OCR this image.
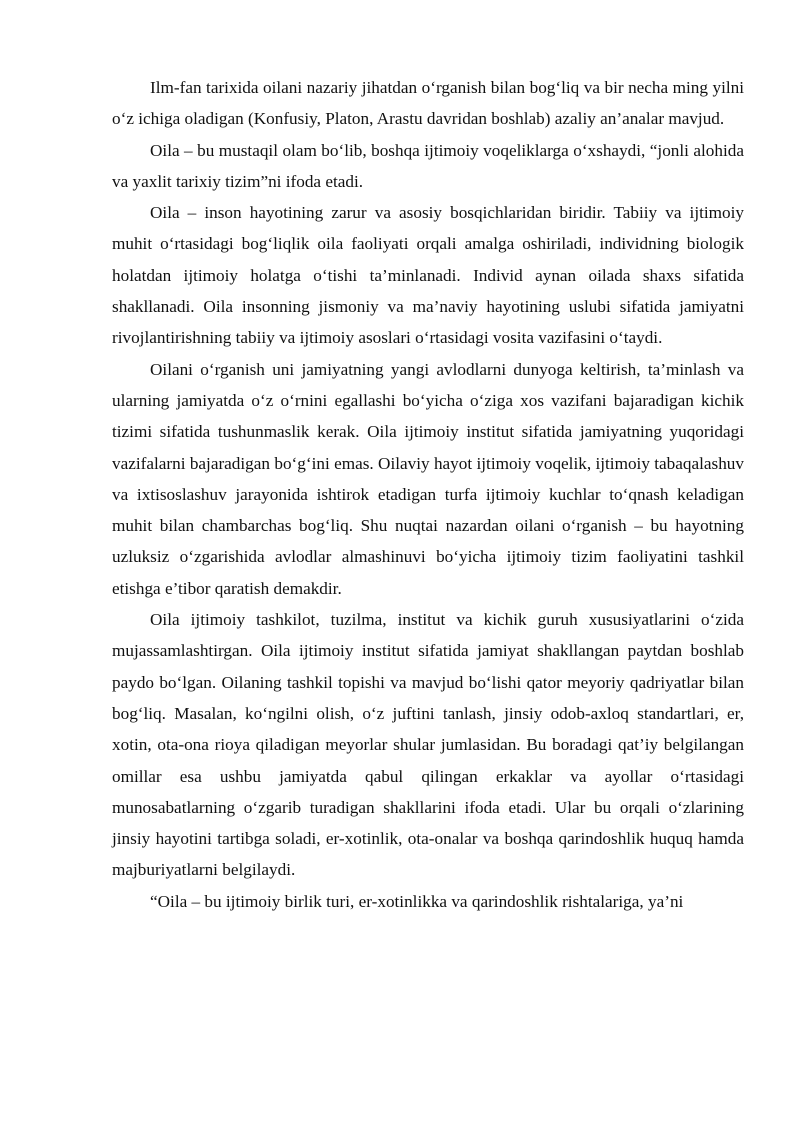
Ilm-fan tarixida oilani nazariy jihatdan o‘rganish bilan bog‘liq va bir necha ming yilni o‘z ichiga oladigan (Konfusiy, Platon, Arastu davridan boshlab) azaliy an’analar mavjud.

Oila – bu mustaqil olam bo‘lib, boshqa ijtimoiy voqeliklarga o‘xshaydi, “jonli alohida va yaxlit tarixiy tizim”ni ifoda etadi.

Oila – inson hayotining zarur va asosiy bosqichlaridan biridir. Tabiiy va ijtimoiy muhit o‘rtasidagi bog‘liqlik oila faoliyati orqali amalga oshiriladi, individning biologik holatdan ijtimoiy holatga o‘tishi ta’minlanadi. Individ aynan oilada shaxs sifatida shakllanadi. Oila insonning jismoniy va ma’naviy hayotining uslubi sifatida jamiyatni rivojlantirishning tabiiy va ijtimoiy asoslari o‘rtasidagi vosita vazifasini o‘taydi.

Oilani o‘rganish uni jamiyatning yangi avlodlarni dunyoga keltirish, ta’minlash va ularning jamiyatda o‘z o‘rnini egallashi bo‘yicha o‘ziga xos vazifani bajaradigan kichik tizimi sifatida tushunmaslik kerak. Oila ijtimoiy institut sifatida jamiyatning yuqoridagi vazifalarni bajaradigan bo‘g‘ini emas. Oilaviy hayot ijtimoiy voqelik, ijtimoiy tabaqalashuv va ixtisoslashuv jarayonida ishtirok etadigan turfa ijtimoiy kuchlar to‘qnash keladigan muhit bilan chambarchas bog‘liq. Shu nuqtai nazardan oilani o‘rganish – bu hayotning uzluksiz o‘zgarishida avlodlar almashinuvi bo‘yicha ijtimoiy tizim faoliyatini tashkil etishga e’tibor qaratish demakdir.

Oila ijtimoiy tashkilot, tuzilma, institut va kichik guruh xususiyatlarini o‘zida mujassamlashtirgan. Oila ijtimoiy institut sifatida jamiyat shakllangan paytdan boshlab paydo bo‘lgan. Oilaning tashkil topishi va mavjud bo‘lishi qator meyoriy qadriyatlar bilan bog‘liq. Masalan, ko‘ngilni olish, o‘z juftini tanlash, jinsiy odob-axloq standartlari, er, xotin, ota-ona rioya qiladigan meyorlar shular jumlasidan. Bu boradagi qat’iy belgilangan omillar esa ushbu jamiyatda qabul qilingan erkaklar va ayollar o‘rtasidagi munosabatlarning o‘zgarib turadigan shakllarini ifoda etadi. Ular bu orqali o‘zlarining jinsiy hayotini tartibga soladi, er-xotinlik, ota-onalar va boshqa qarindoshlik huquq hamda majburiyatlarni belgilaydi.

“Oila – bu ijtimoiy birlik turi, er-xotinlikka va qarindoshlik rishtalariga, ya’ni
